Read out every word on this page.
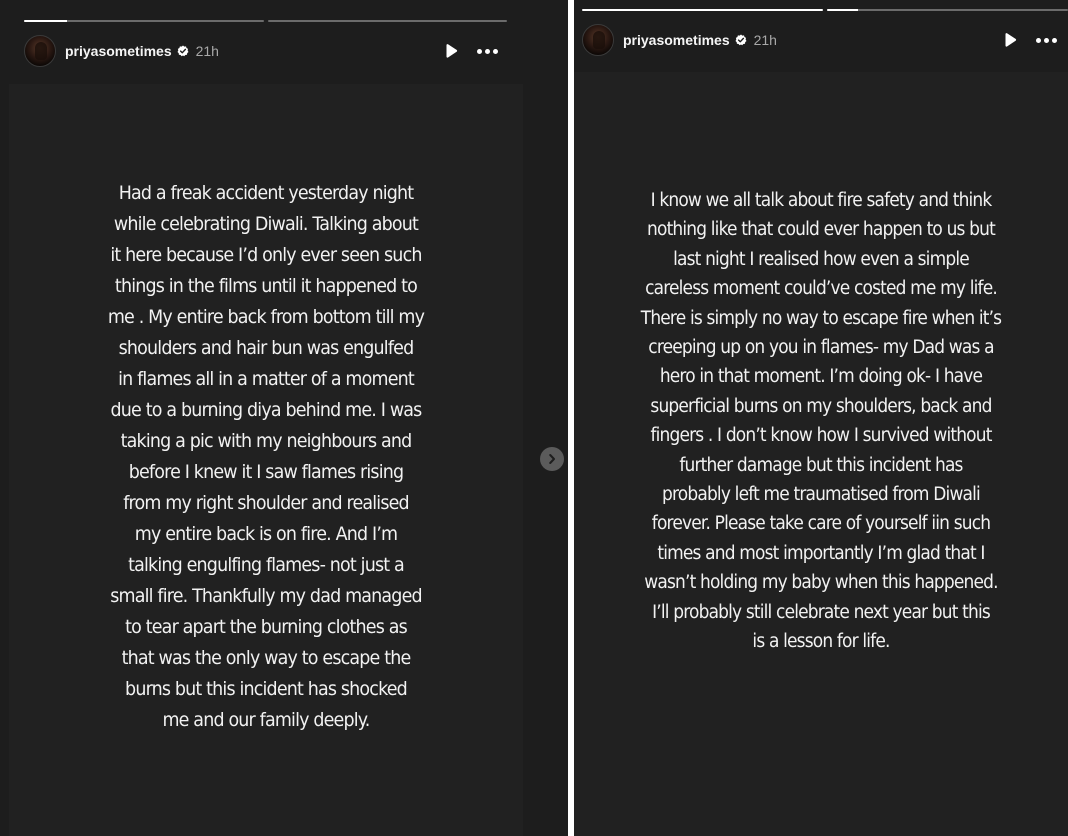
priyasometimes 21h
Had a freak accident yesterday night
while celebrating Diwali. Talking about
it here because I’d only ever seen such
things in the films until it happened to
me . My entire back from bottom till my
shoulders and hair bun was engulfed
in flames all in a matter of a moment
due to a burning diya behind me. I was
taking a pic with my neighbours and
before I knew it I saw flames rising
from my right shoulder and realised
my entire back is on fire. And I’m
talking engulfing flames- not just a
small fire. Thankfully my dad managed
to tear apart the burning clothes as
that was the only way to escape the
burns but this incident has shocked
me and our family deeply.
priyasometimes 21h
I know we all talk about fire safety and think
nothing like that could ever happen to us but
last night I realised how even a simple
careless moment could’ve costed me my life.
There is simply no way to escape fire when it’s
creeping up on you in flames- my Dad was a
hero in that moment. I’m doing ok- I have
superficial burns on my shoulders, back and
fingers . I don’t know how I survived without
further damage but this incident has
probably left me traumatised from Diwali
forever. Please take care of yourself iin such
times and most importantly I’m glad that I
wasn’t holding my baby when this happened.
I’ll probably still celebrate next year but this
is a lesson for life.
